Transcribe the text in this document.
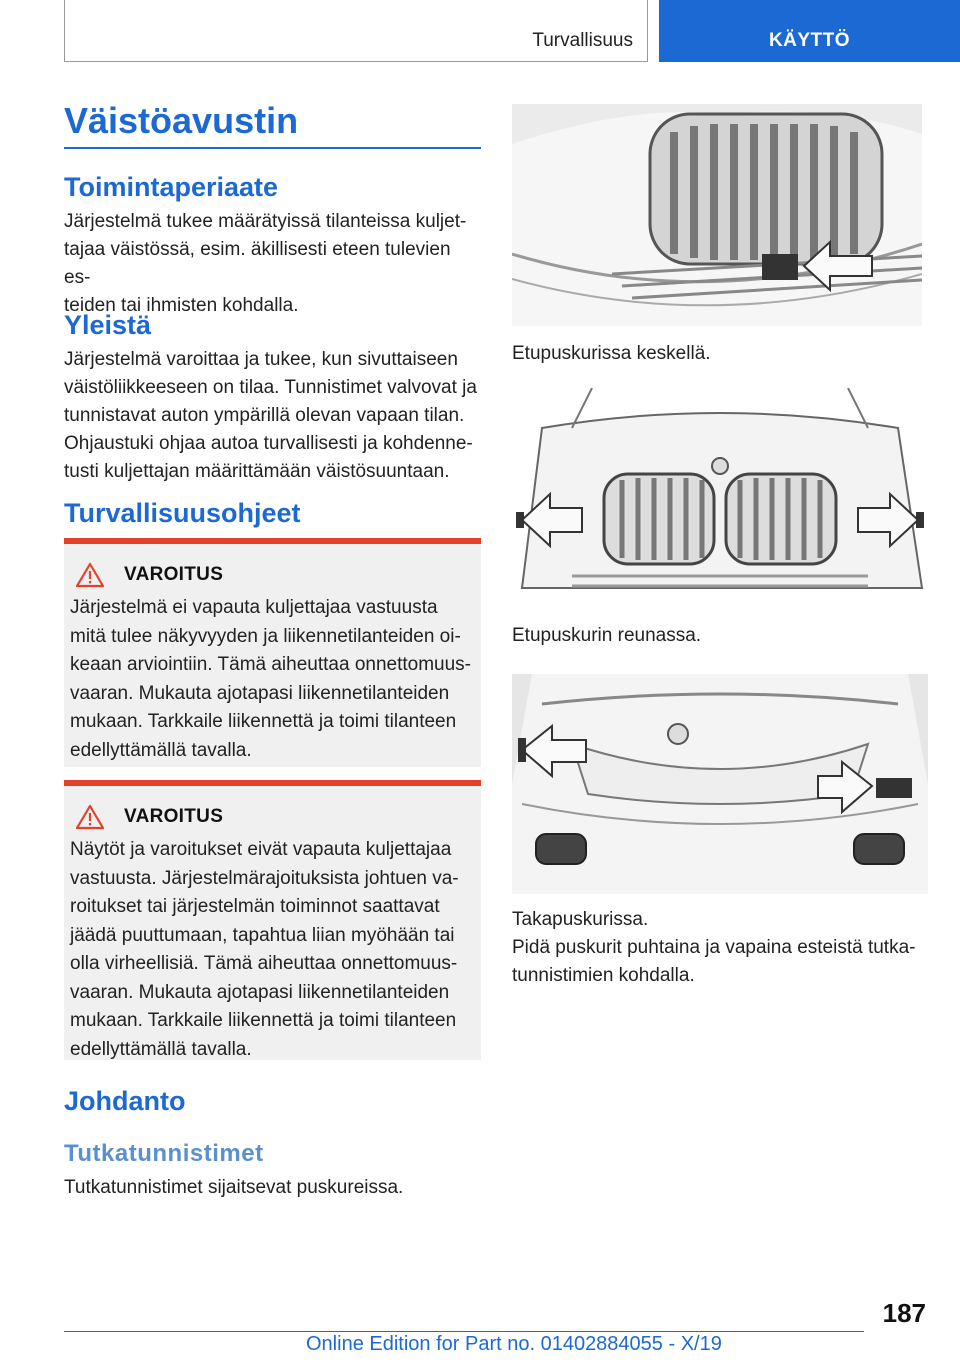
Turvallisuus	KÄYTTÖ
Väistöavustin
Toimintaperiaate

Järjestelmä tukee määrätyissä tilanteissa kuljet-
tajaa väistössä, esim. äkillisesti eteen tulevien es-
teiden tai ihmisten kohdalla.

Yleistä

Järjestelmä varoittaa ja tukee, kun sivuttaiseen
väistöliikkeeseen on tilaa. Tunnistimet valvovat ja
tunnistavat auton ympärillä olevan vapaan tilan.
Ohjaustuki ohjaa autoa turvallisesti ja kohdenne-
tusti kuljettajan määrittämään väistösuuntaan.

Turvallisuusohjeet
VAROITUS

Järjestelmä ei vapauta kuljettajaa vastuusta
mitä tulee näkyvyyden ja liikennetilanteiden oi-
keaan arviointiin. Tämä aiheuttaa onnettomuus-
vaaran. Mukauta ajotapasi liikennetilanteiden
mukaan. Tarkkaile liikennettä ja toimi tilanteen
edellyttämällä tavalla.

VAROITUS

Näytöt ja varoitukset eivät vapauta kuljettajaa
vastuusta. Järjestelmärajoituksista johtuen va-
roitukset tai järjestelmän toiminnot saattavat
jäädä puuttumaan, tapahtua liian myöhään tai
olla virheellisiä. Tämä aiheuttaa onnettomuus-
vaaran. Mukauta ajotapasi liikennetilanteiden
mukaan. Tarkkaile liikennettä ja toimi tilanteen
edellyttämällä tavalla.

Johdanto
Tutkatunnistimet

Tutkatunnistimet sijaitsevat puskureissa.

Etupuskurissa keskellä.

Etupuskurin reunassa.

Takapuskurissa.

Pidä puskurit puhtaina ja vapaina esteistä tutka-
tunnistimien kohdalla.

187
Online Edition for Part no. 01402884055 - X/19
